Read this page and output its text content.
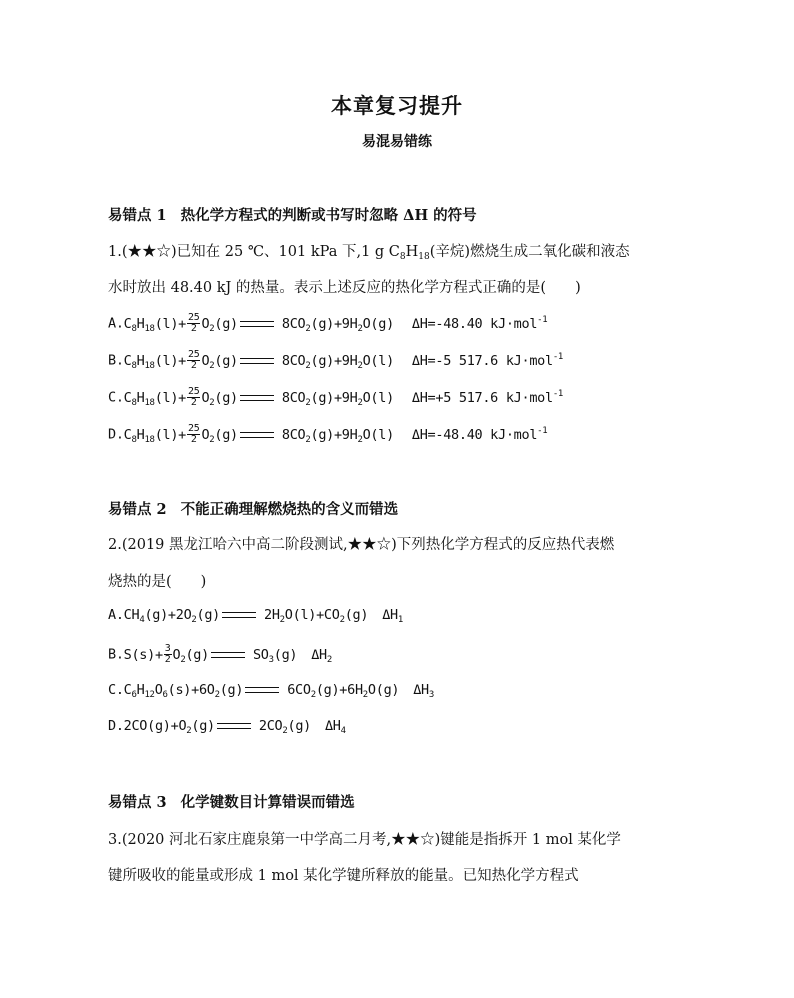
本章复习提升
易混易错练
易错点 1 热化学方程式的判断或书写时忽略 ΔH 的符号
1.(★★☆)已知在 25 ℃、101 kPa 下,1 g $C_8H_{18}$(辛烷)燃烧生成二氧化碳和液态
水时放出 48.40 kJ 的热量。表示上述反应的热化学方程式正确的是(　　)
$A.C_8H_{18}(l)+ \frac{25}{2} O_2(g)$	$8CO_2(g)+9H_2O(g)$ ΔH=-48.40 kJ·mol$^{-1}$
$B.C_8H_{18}(l)+ \frac{25}{2} O_2(g)$	$8CO_2(g)+9H_2O(l)$ ΔH=-5 517.6 kJ·mol$^{-1}$
$C.C_8H_{18}(l)+ \frac{25}{2} O_2(g)$	$8CO_2(g)+9H_2O(l)$ ΔH=+5 517.6 kJ·mol$^{-1}$
$D.C_8H_{18}(l)+ \frac{25}{2} O_2(g)$	$8CO_2(g)+9H_2O(l)$ ΔH=-48.40 kJ·mol$^{-1}$
易错点 2 不能正确理解燃烧热的含义而错选
2.(2019 黑龙江哈六中高二阶段测试,★★☆)下列热化学方程式的反应热代表燃
烧热的是(　　)
$A.CH_4(g)+2O_2(g)$	$2H_2O(l)+CO_2(g)$ $\Delta H_1$
$B.S(s)+ \frac{3}{2} O_2(g)$	$SO_3(g)$ $\Delta H_2$
$C.C_6H_{12}O_6(s)+6O_2(g)$	$6CO_2(g)+6H_2O(g)$ $\Delta H_3$
$D.2CO(g)+O_2(g)$	$2CO_2(g)$ $\Delta H_4$
易错点 3 化学键数目计算错误而错选
3.(2020 河北石家庄鹿泉第一中学高二月考,★★☆)键能是指拆开 1 mol 某化学
键所吸收的能量或形成 1 mol 某化学键所释放的能量。已知热化学方程式
